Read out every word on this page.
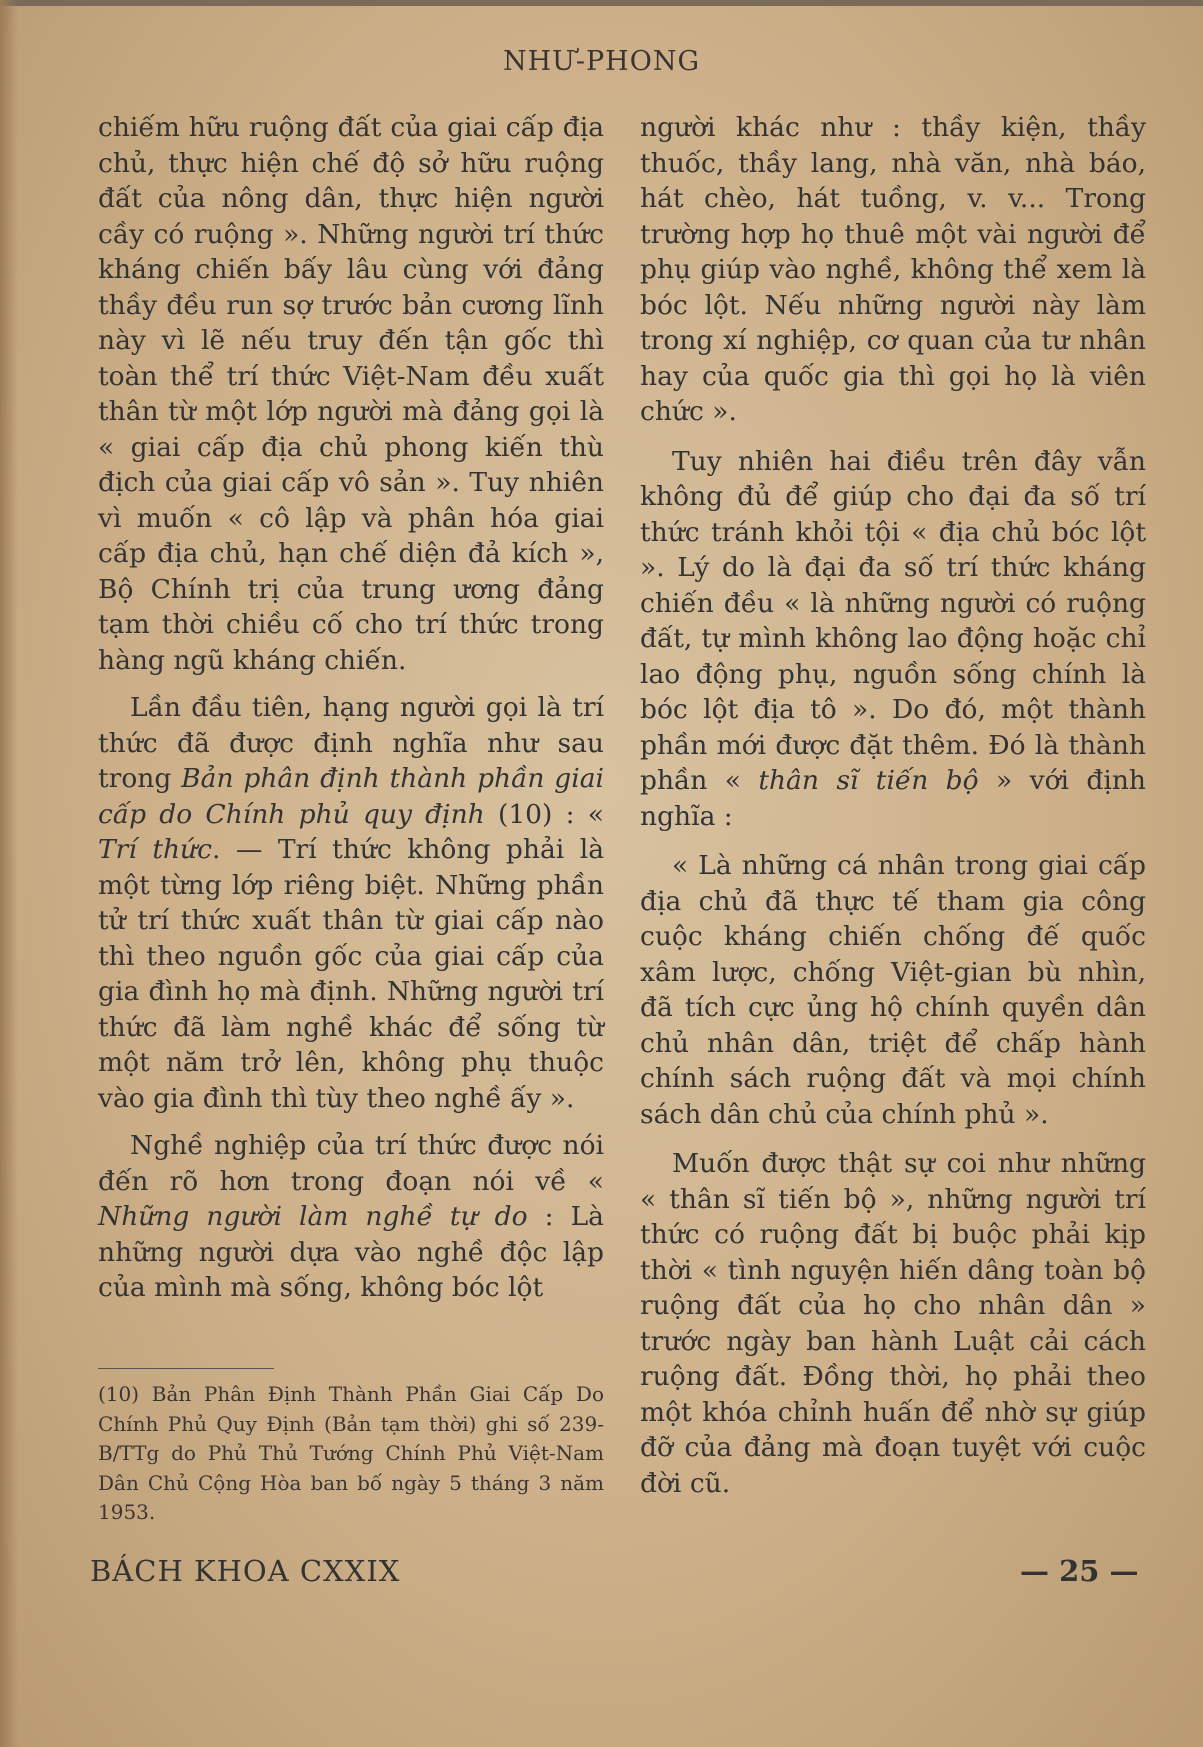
NHƯ-PHONG

chiếm hữu ruộng đất của giai cấp địa chủ, thực hiện chế độ sở hữu ruộng đất của nông dân, thực hiện người cầy có ruộng ». Những người trí thức kháng chiến bấy lâu cùng với đảng thầy đều run sợ trước bản cương lĩnh này vì lẽ nếu truy đến tận gốc thì toàn thể trí thức Việt-Nam đều xuất thân từ một lớp người mà đảng gọi là « giai cấp địa chủ phong kiến thù địch của giai cấp vô sản ». Tuy nhiên vì muốn « cô lập và phân hóa giai cấp địa chủ, hạn chế diện đả kích », Bộ Chính trị của trung ương đảng tạm thời chiều cố cho trí thức trong hàng ngũ kháng chiến.

Lần đầu tiên, hạng người gọi là trí thức đã được định nghĩa như sau trong Bản phân định thành phần giai cấp do Chính phủ quy định (10) : « Trí thức. — Trí thức không phải là một từng lớp riêng biệt. Những phần tử trí thức xuất thân từ giai cấp nào thì theo nguồn gốc của giai cấp của gia đình họ mà định. Những người trí thức đã làm nghề khác để sống từ một năm trở lên, không phụ thuộc vào gia đình thì tùy theo nghề ấy ».

Nghề nghiệp của trí thức được nói đến rõ hơn trong đoạn nói về « Những người làm nghề tự do : Là những người dựa vào nghề độc lập của mình mà sống, không bóc lột

(10) Bản Phân Định Thành Phần Giai Cấp Do Chính Phủ Quy Định (Bản tạm thời) ghi số 239-B/TTg do Phủ Thủ Tướng Chính Phủ Việt-Nam Dân Chủ Cộng Hòa ban bố ngày 5 tháng 3 năm 1953.

người khác như : thầy kiện, thầy thuốc, thầy lang, nhà văn, nhà báo, hát chèo, hát tuồng, v. v... Trong trường hợp họ thuê một vài người để phụ giúp vào nghề, không thể xem là bóc lột. Nếu những người này làm trong xí nghiệp, cơ quan của tư nhân hay của quốc gia thì gọi họ là viên chức ».

Tuy nhiên hai điều trên đây vẫn không đủ để giúp cho đại đa số trí thức tránh khỏi tội « địa chủ bóc lột ». Lý do là đại đa số trí thức kháng chiến đều « là những người có ruộng đất, tự mình không lao động hoặc chỉ lao động phụ, nguồn sống chính là bóc lột địa tô ». Do đó, một thành phần mới được đặt thêm. Đó là thành phần « thân sĩ tiến bộ » với định nghĩa :

« Là những cá nhân trong giai cấp địa chủ đã thực tế tham gia công cuộc kháng chiến chống đế quốc xâm lược, chống Việt-gian bù nhìn, đã tích cực ủng hộ chính quyền dân chủ nhân dân, triệt để chấp hành chính sách ruộng đất và mọi chính sách dân chủ của chính phủ ».

Muốn được thật sự coi như những « thân sĩ tiến bộ », những người trí thức có ruộng đất bị buộc phải kịp thời « tình nguyện hiến dâng toàn bộ ruộng đất của họ cho nhân dân » trước ngày ban hành Luật cải cách ruộng đất. Đồng thời, họ phải theo một khóa chỉnh huấn để nhờ sự giúp đỡ của đảng mà đoạn tuyệt với cuộc đời cũ.

BÁCH KHOA CXXIX	— 25 —
